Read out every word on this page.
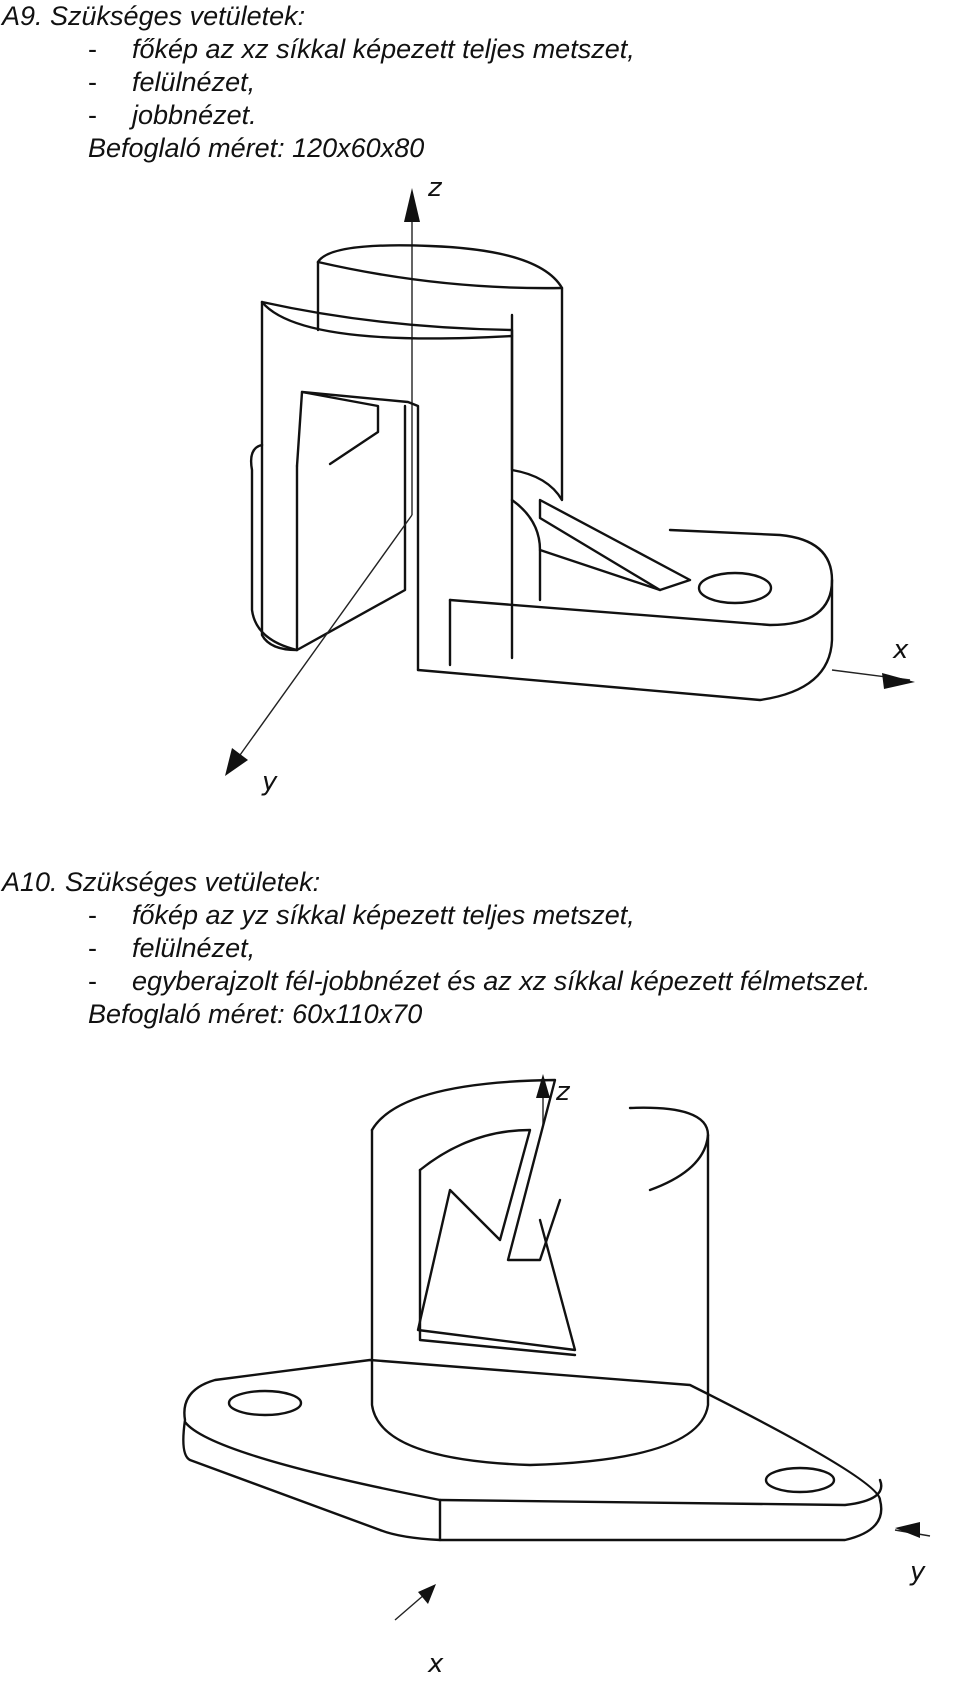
A9. Szükséges vetületek:
- főkép az xz síkkal képezett teljes metszet,
- felülnézet,
- jobbnézet.
Befoglaló méret: 120x60x80
z
y
x
A10. Szükséges vetületek:
- főkép az yz síkkal képezett teljes metszet,
- felülnézet,
- egyberajzolt fél-jobbnézet és az xz síkkal képezett félmetszet.
Befoglaló méret: 60x110x70
z
x
y
